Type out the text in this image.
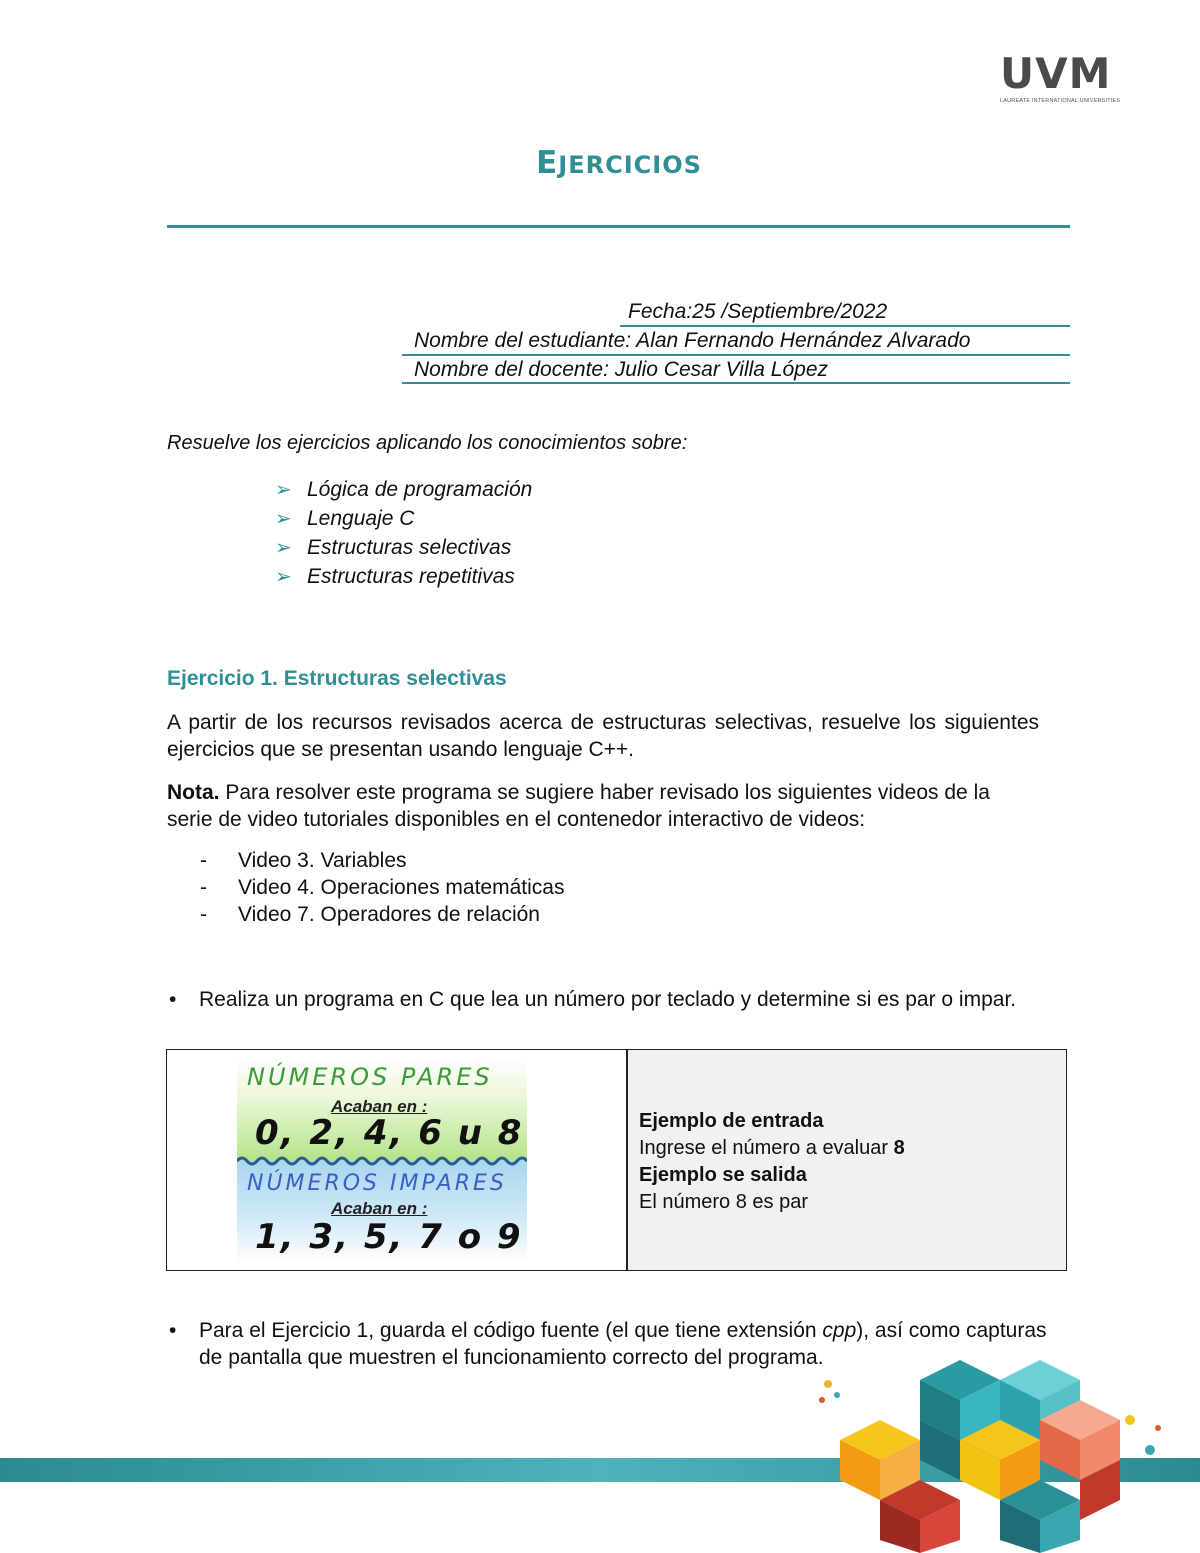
UVM
LAUREATE INTERNATIONAL UNIVERSITIES
EJERCICIOS
Fecha:25 /Septiembre/2022
Nombre del estudiante: Alan Fernando Hernández Alvarado
Nombre del docente: Julio Cesar Villa López
Resuelve los ejercicios aplicando los conocimientos sobre:
➢ Lógica de programación
➢ Lenguaje C
➢ Estructuras selectivas
➢ Estructuras repetitivas
Ejercicio 1. Estructuras selectivas
A partir de los recursos revisados acerca de estructuras selectivas, resuelve los siguientes ejercicios que se presentan usando lenguaje C++.
Nota. Para resolver este programa se sugiere haber revisado los siguientes videos de la serie de video tutoriales disponibles en el contenedor interactivo de videos:
-	Video 3. Variables
-	Video 4. Operaciones matemáticas
-	Video 7. Operadores de relación
•	Realiza un programa en C que lea un número por teclado y determine si es par o impar.
NÚMEROS PARES
Acaban en :
0, 2, 4, 6 u 8
NÚMEROS IMPARES
Acaban en :
1, 3, 5, 7 o 9
Ejemplo de entrada
Ingrese el número a evaluar 8
Ejemplo se salida
El número 8 es par
•	Para el Ejercicio 1, guarda el código fuente (el que tiene extensión cpp), así como capturas de pantalla que muestren el funcionamiento correcto del programa.
